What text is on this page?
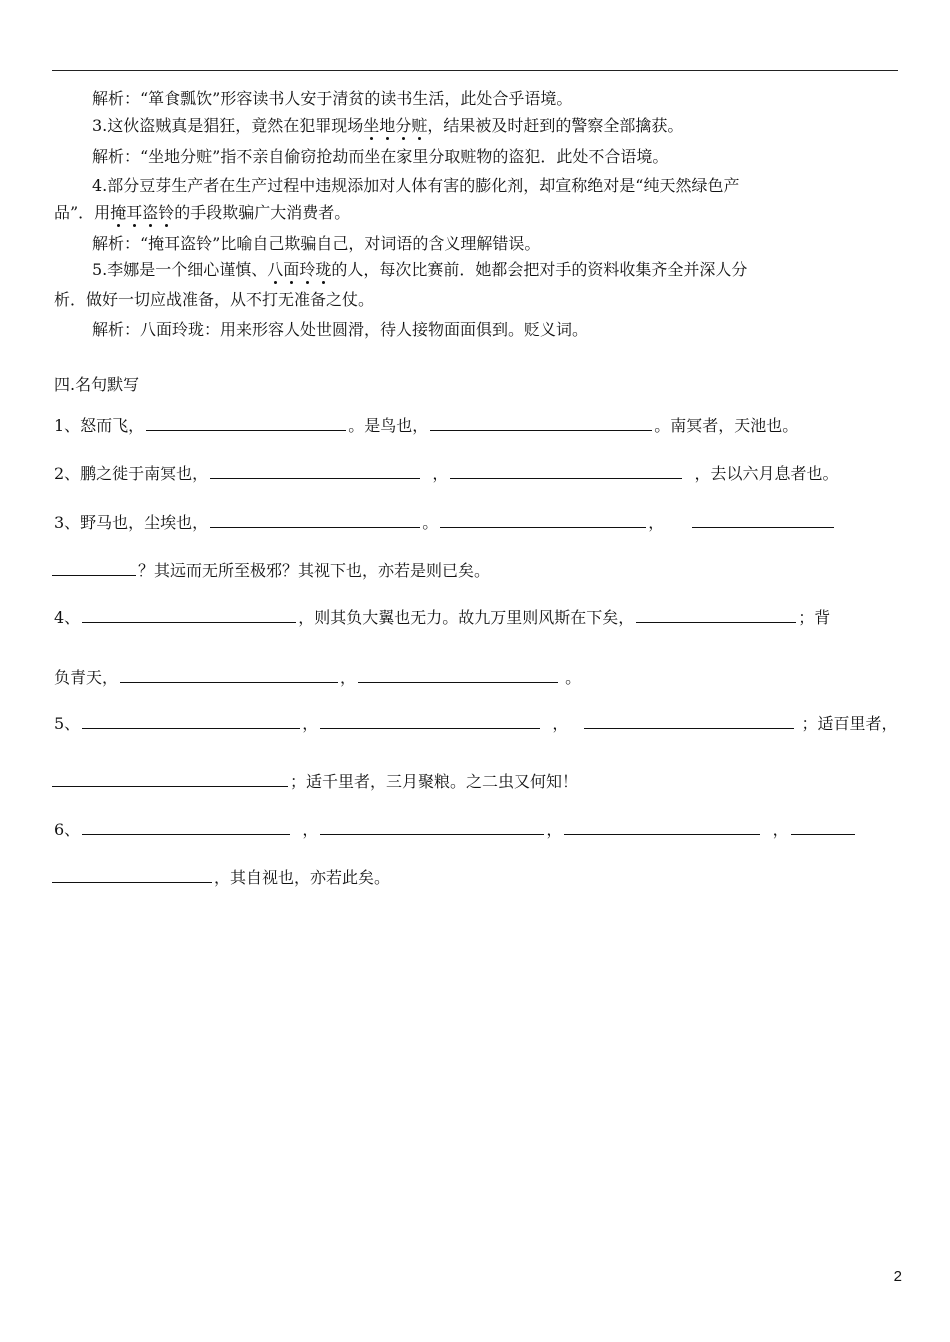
解析：“箪食瓢饮”形容读书人安于清贫的读书生活，此处合乎语境。
3.这伙盗贼真是猖狂，竟然在犯罪现场坐地分赃，结果被及时赶到的警察全部擒获。
解析：“坐地分赃”指不亲自偷窃抢劫而坐在家里分取赃物的盗犯．此处不合语境。
4.部分豆芽生产者在生产过程中违规添加对人体有害的膨化剂，却宣称绝对是“纯天然绿色产
品”．用掩耳盗铃的手段欺骗广大消费者。
解析：“掩耳盗铃”比喻自己欺骗自己，对词语的含义理解错误。
5.李娜是一个细心谨慎、八面玲珑的人，每次比赛前．她都会把对手的资料收集齐全并深人分
析．做好一切应战准备，从不打无准备之仗。
解析：八面玲珑：用来形容人处世圆滑，待人接物面面俱到。贬义词。
四.名句默写
1、怒而飞，	。是鸟也，	。南冥者，天池也。
2、鹏之徙于南冥也，	，	，去以六月息者也。
3、野马也，尘埃也，	。	，
？其远而无所至极邪？其视下也，亦若是则已矣。
4、	，则其负大翼也无力。故九万里则风斯在下矣，	；背
负青天，	，	。
5、	，	，	；适百里者，
；适千里者，三月聚粮。之二虫又何知！
6、	，	，	，
，其自视也，亦若此矣。
2
